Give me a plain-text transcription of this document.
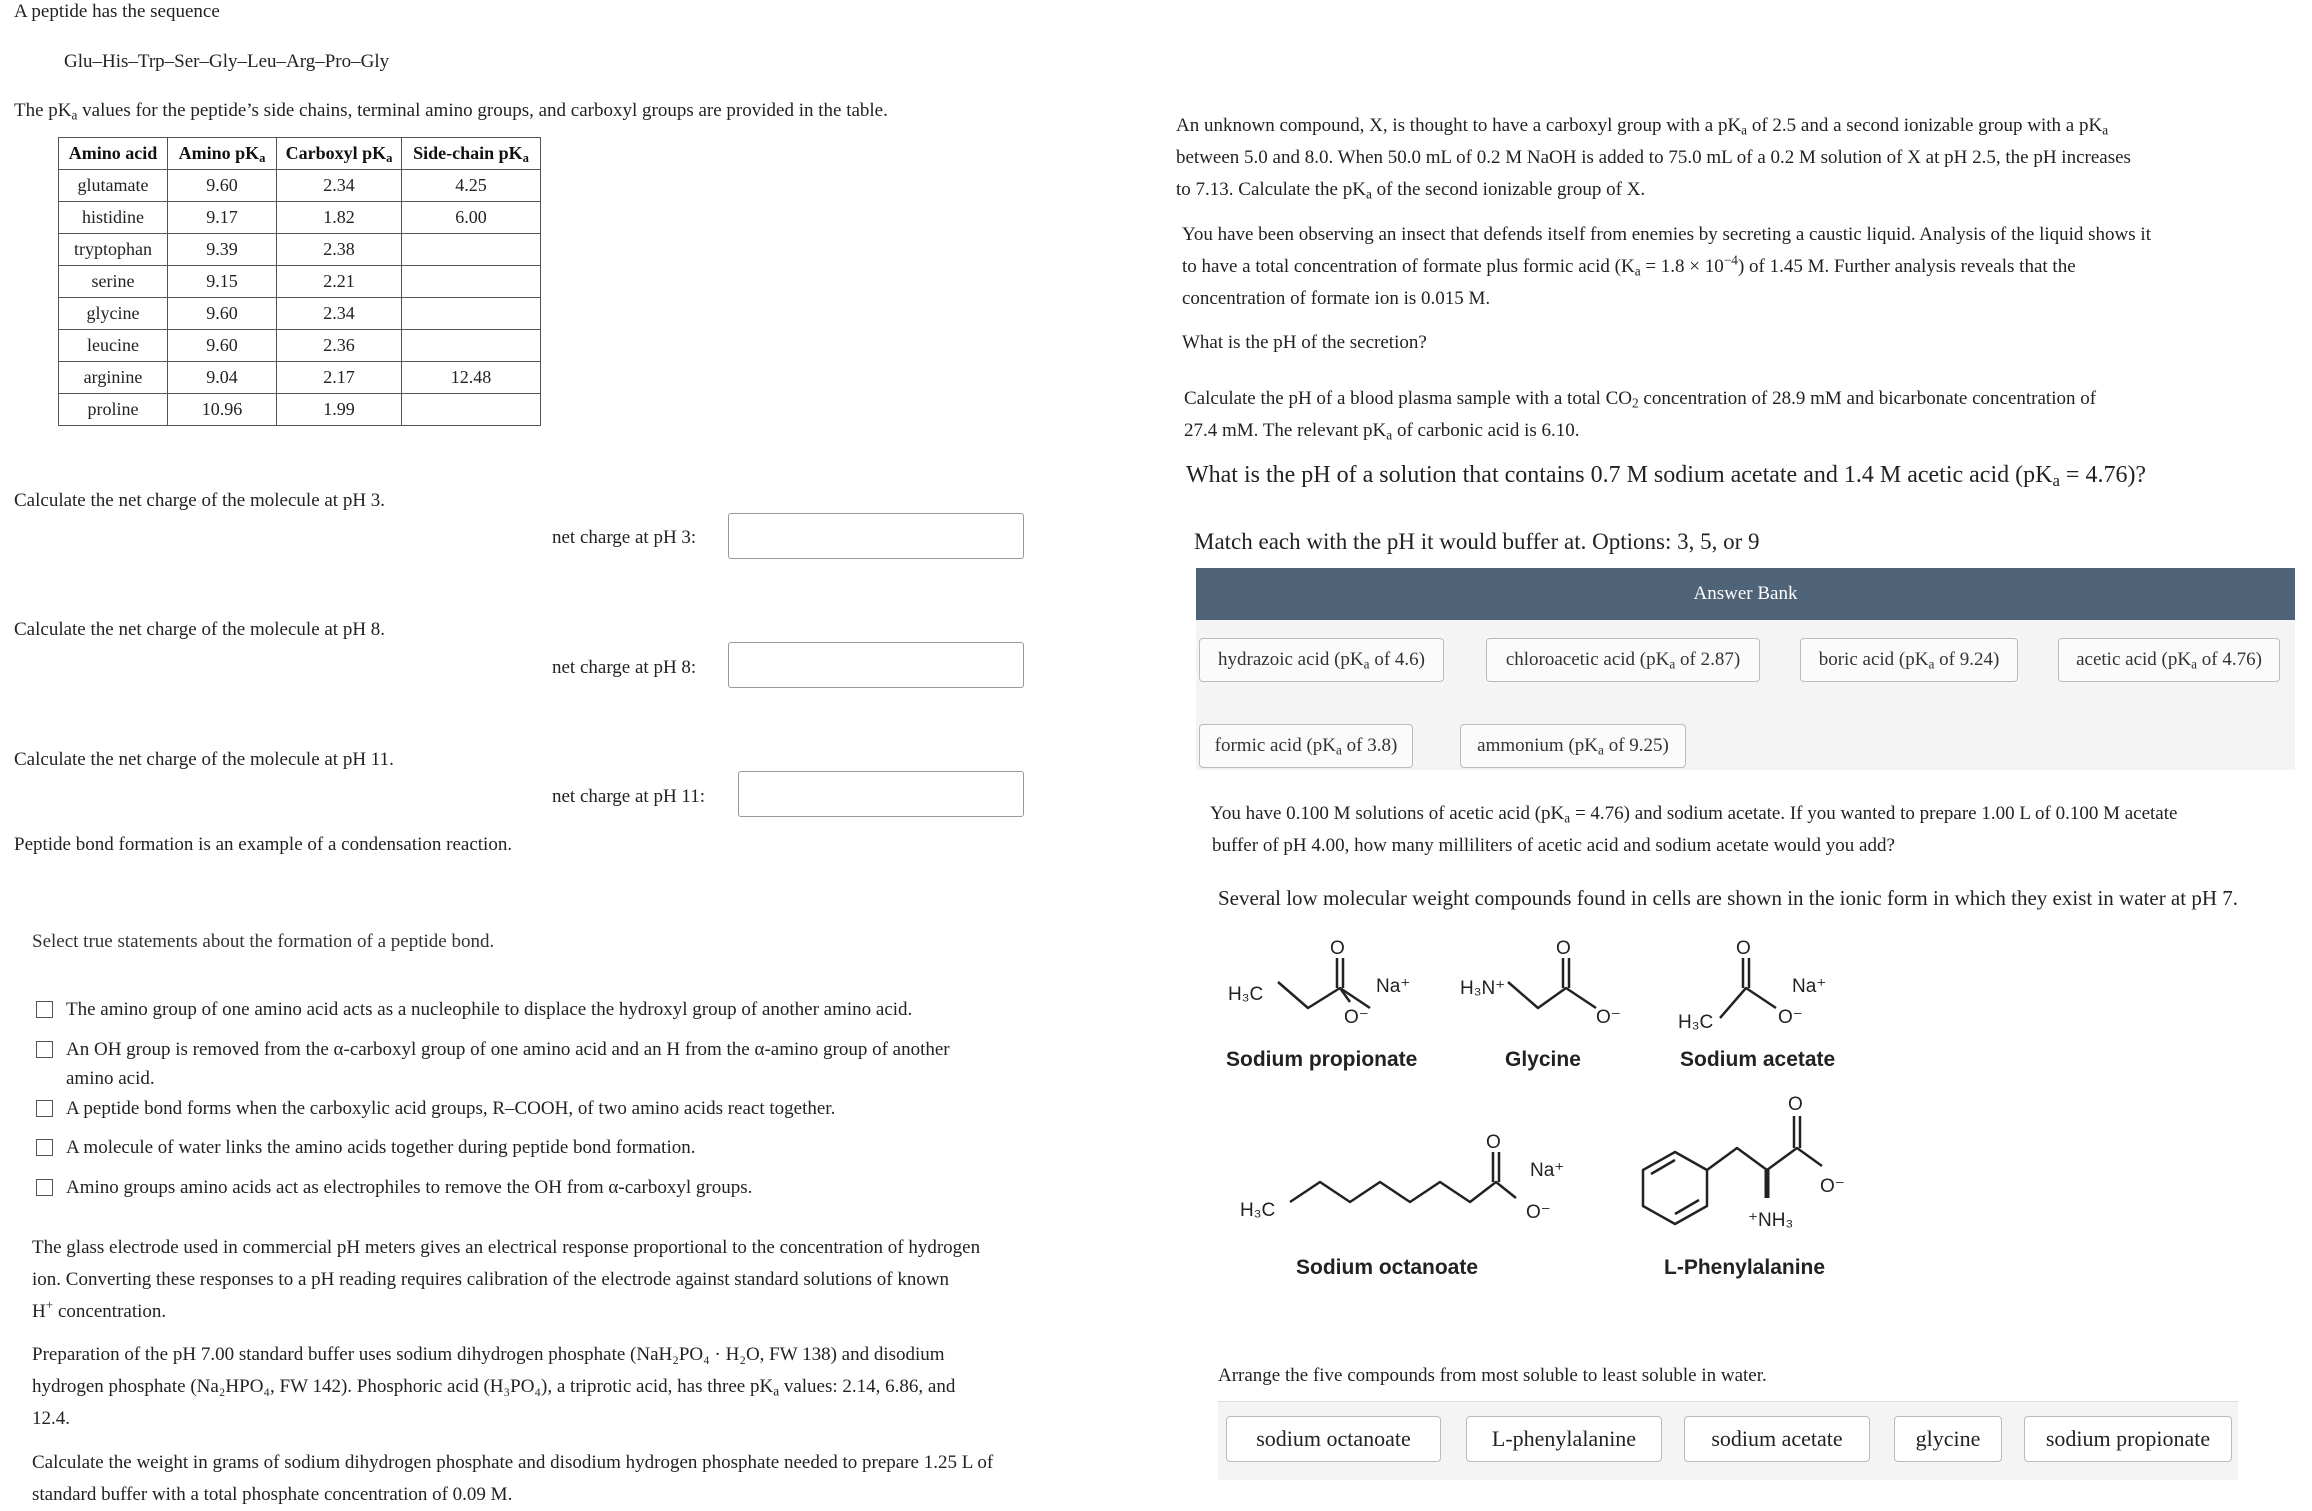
A peptide has the sequence
Glu–His–Trp–Ser–Gly–Leu–Arg–Pro–Gly
The $pK_a$ values for the peptide’s side chains, terminal amino groups, and carboxyl groups are provided in the table.
Amino acid	Amino $pK_a$	Carboxyl $pK_a$	Side-chain $pK_a$
glutamate	9.60	2.34	4.25
histidine	9.17	1.82	6.00
tryptophan	9.39	2.38	
serine	9.15	2.21	
glycine	9.60	2.34	
leucine	9.60	2.36	
arginine	9.04	2.17	12.48
proline	10.96	1.99	
Calculate the net charge of the molecule at pH 3.
net charge at pH 3:
Calculate the net charge of the molecule at pH 8.
net charge at pH 8:
Calculate the net charge of the molecule at pH 11.
net charge at pH 11:
Peptide bond formation is an example of a condensation reaction.
Select true statements about the formation of a peptide bond.
The amino group of one amino acid acts as a nucleophile to displace the hydroxyl group of another amino acid.
An OH group is removed from the α-carboxyl group of one amino acid and an H from the α-amino group of another
amino acid.
A peptide bond forms when the carboxylic acid groups, R–COOH, of two amino acids react together.
A molecule of water links the amino acids together during peptide bond formation.
Amino groups amino acids act as electrophiles to remove the OH from α-carboxyl groups.
The glass electrode used in commercial pH meters gives an electrical response proportional to the concentration of hydrogen
ion. Converting these responses to a pH reading requires calibration of the electrode against standard solutions of known
H+ concentration.
Preparation of the pH 7.00 standard buffer uses sodium dihydrogen phosphate (NaH₂PO₄ · H₂O, FW 138) and disodium
hydrogen phosphate (Na₂HPO₄, FW 142). Phosphoric acid (H₃PO₄), a triprotic acid, has three $pK_a$ values: 2.14, 6.86, and
12.4.
Calculate the weight in grams of sodium dihydrogen phosphate and disodium hydrogen phosphate needed to prepare 1.25 L of
standard buffer with a total phosphate concentration of 0.09 M.
An unknown compound, X, is thought to have a carboxyl group with a $pK_a$ of 2.5 and a second ionizable group with a $pK_a$
between 5.0 and 8.0. When 50.0 mL of 0.2 M NaOH is added to 75.0 mL of a 0.2 M solution of X at pH 2.5, the pH increases
to 7.13. Calculate the $pK_a$ of the second ionizable group of X.
You have been observing an insect that defends itself from enemies by secreting a caustic liquid. Analysis of the liquid shows it
to have a total concentration of formate plus formic acid $(K_a = 1.8 \times 10^{-4})$ of 1.45 M. Further analysis reveals that the
concentration of formate ion is 0.015 M.
What is the pH of the secretion?
Calculate the pH of a blood plasma sample with a total $CO_2$ concentration of 28.9 mM and bicarbonate concentration of
27.4 mM. The relevant $pK_a$ of carbonic acid is 6.10.
What is the pH of a solution that contains 0.7 M sodium acetate and 1.4 M acetic acid $(pK_a = 4.76)$?
Match each with the pH it would buffer at. Options: 3, 5, or 9
Answer Bank
hydrazoic acid ($pK_a$ of 4.6)	chloroacetic acid ($pK_a$ of 2.87)	boric acid ($pK_a$ of 9.24)	acetic acid ($pK_a$ of 4.76)
formic acid ($pK_a$ of 3.8)	ammonium ($pK_a$ of 9.25)
You have 0.100 M solutions of acetic acid $(pK_a = 4.76)$ and sodium acetate. If you wanted to prepare 1.00 L of 0.100 M acetate
buffer of pH 4.00, how many milliliters of acetic acid and sodium acetate would you add?
Several low molecular weight compounds found in cells are shown in the ionic form in which they exist in water at pH 7.
O
Na⁺
O⁻
H₃C
O
H₃N⁺
O⁻
O
Na⁺
O⁻
H₃C
O
Na⁺
O⁻
H₃C
O
O⁻
⁺NH₃
Sodium propionate	Glycine	Sodium acetate
Sodium octanoate	L-Phenylalanine
Arrange the five compounds from most soluble to least soluble in water.
sodium octanoate	L-phenylalanine	sodium acetate	glycine	sodium propionate
